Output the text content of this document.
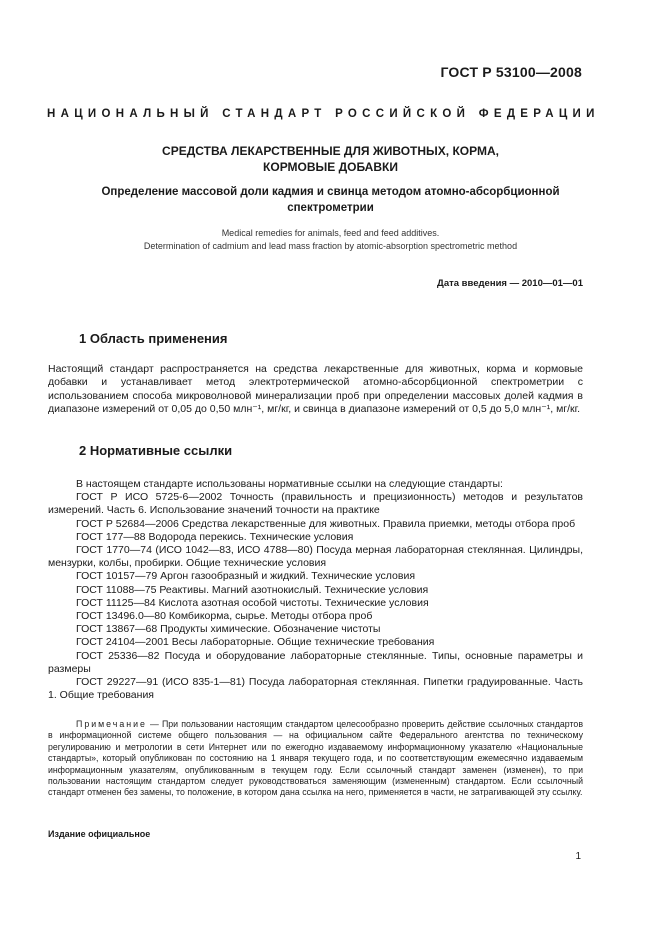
ГОСТ Р 53100—2008
НАЦИОНАЛЬНЫЙ СТАНДАРТ РОССИЙСКОЙ ФЕДЕРАЦИИ
СРЕДСТВА ЛЕКАРСТВЕННЫЕ ДЛЯ ЖИВОТНЫХ, КОРМА,
КОРМОВЫЕ ДОБАВКИ
Определение массовой доли кадмия и свинца методом атомно-абсорбционной
спектрометрии
Medical remedies for animals, feed and feed additives.
Determination of cadmium and lead mass fraction by atomic-absorption spectrometric method
Дата введения — 2010—01—01
1 Область применения
Настоящий стандарт распространяется на средства лекарственные для животных, корма и кормовые добавки и устанавливает метод электротермической атомно-абсорбционной спектрометрии с использованием способа микроволновой минерализации проб при определении массовых долей кадмия в диапазоне измерений от 0,05 до 0,50 млн⁻¹, мг/кг, и свинца в диапазоне измерений от 0,5 до 5,0 млн⁻¹, мг/кг.
2 Нормативные ссылки
В настоящем стандарте использованы нормативные ссылки на следующие стандарты:
ГОСТ Р ИСО 5725-6—2002 Точность (правильность и прецизионность) методов и результатов измерений. Часть 6. Использование значений точности на практике
ГОСТ Р 52684—2006 Средства лекарственные для животных. Правила приемки, методы отбора проб
ГОСТ 177—88 Водорода перекись. Технические условия
ГОСТ 1770—74 (ИСО 1042—83, ИСО 4788—80) Посуда мерная лабораторная стеклянная. Цилиндры, мензурки, колбы, пробирки. Общие технические условия
ГОСТ 10157—79 Аргон газообразный и жидкий. Технические условия
ГОСТ 11088—75 Реактивы. Магний азотнокислый. Технические условия
ГОСТ 11125—84 Кислота азотная особой чистоты. Технические условия
ГОСТ 13496.0—80 Комбикорма, сырье. Методы отбора проб
ГОСТ 13867—68 Продукты химические. Обозначение чистоты
ГОСТ 24104—2001 Весы лабораторные. Общие технические требования
ГОСТ 25336—82 Посуда и оборудование лабораторные стеклянные. Типы, основные параметры и размеры
ГОСТ 29227—91 (ИСО 835-1—81) Посуда лабораторная стеклянная. Пипетки градуированные. Часть 1. Общие требования
Примечание — При пользовании настоящим стандартом целесообразно проверить действие ссылочных стандартов в информационной системе общего пользования — на официальном сайте Федерального агентства по техническому регулированию и метрологии в сети Интернет или по ежегодно издаваемому информационному указателю «Национальные стандарты», который опубликован по состоянию на 1 января текущего года, и по соответствующим ежемесячно издаваемым информационным указателям, опубликованным в текущем году. Если ссылочный стандарт заменен (изменен), то при пользовании настоящим стандартом следует руководствоваться заменяющим (измененным) стандартом. Если ссылочный стандарт отменен без замены, то положение, в котором дана ссылка на него, применяется в части, не затрагивающей эту ссылку.
Издание официальное
1
